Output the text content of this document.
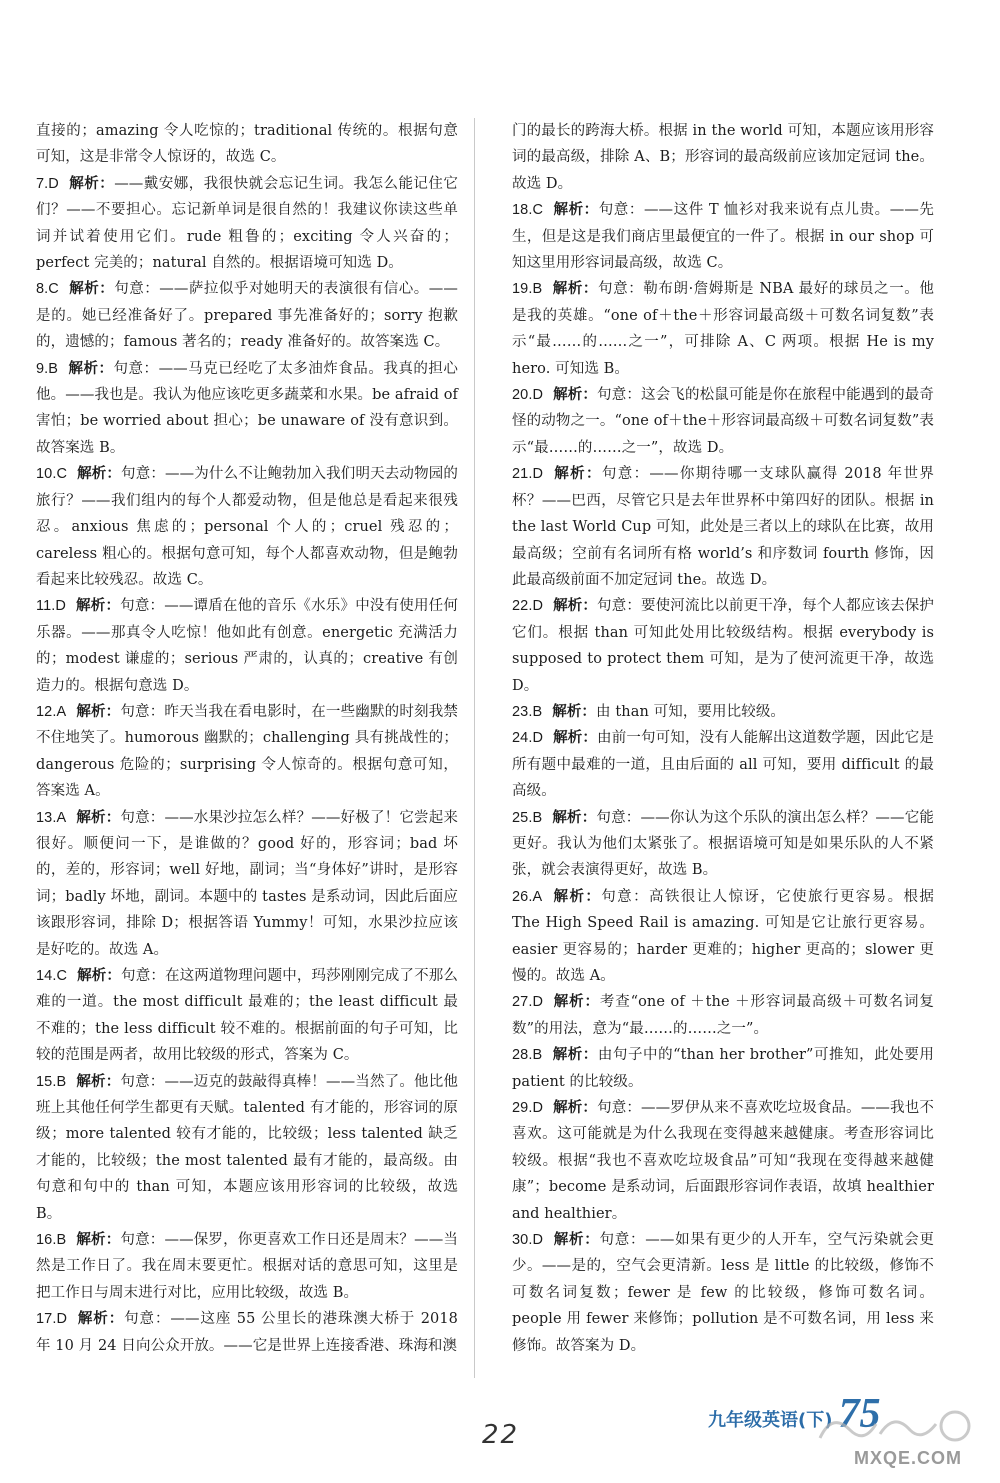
直接的；amazing 令人吃惊的；traditional 传统的。根据句意可知，这是非常令人惊讶的，故选 C。

7.D 解析：——戴安娜，我很快就会忘记生词。我怎么能记住它们？——不要担心。忘记新单词是很自然的！我建议你读这些单词并试着使用它们。rude 粗鲁的；exciting 令人兴奋的；perfect 完美的；natural 自然的。根据语境可知选 D。

8.C 解析：句意：——萨拉似乎对她明天的表演很有信心。——是的。她已经准备好了。prepared 事先准备好的；sorry 抱歉的，遗憾的；famous 著名的；ready 准备好的。故答案选 C。

9.B 解析：句意：——马克已经吃了太多油炸食品。我真的担心他。——我也是。我认为他应该吃更多蔬菜和水果。be afraid of 害怕；be worried about 担心；be unaware of 没有意识到。故答案选 B。

10.C 解析：句意：——为什么不让鲍勃加入我们明天去动物园的旅行？——我们组内的每个人都爱动物，但是他总是看起来很残忍。anxious 焦虑的；personal 个人的；cruel 残忍的；careless 粗心的。根据句意可知，每个人都喜欢动物，但是鲍勃看起来比较残忍。故选 C。

11.D 解析：句意：——谭盾在他的音乐《水乐》中没有使用任何乐器。——那真令人吃惊！他如此有创意。energetic 充满活力的；modest 谦虚的；serious 严肃的，认真的；creative 有创造力的。根据句意选 D。

12.A 解析：句意：昨天当我在看电影时，在一些幽默的时刻我禁不住地笑了。humorous 幽默的；challenging 具有挑战性的；dangerous 危险的；surprising 令人惊奇的。根据句意可知，答案选 A。

13.A 解析：句意：——水果沙拉怎么样？——好极了！它尝起来很好。顺便问一下，是谁做的？good 好的，形容词；bad 坏的，差的，形容词；well 好地，副词；当“身体好”讲时，是形容词；badly 坏地，副词。本题中的 tastes 是系动词，因此后面应该跟形容词，排除 D；根据答语 Yummy！可知，水果沙拉应该是好吃的。故选 A。

14.C 解析：句意：在这两道物理问题中，玛莎刚刚完成了不那么难的一道。the most difficult 最难的；the least difficult 最不难的；the less difficult 较不难的。根据前面的句子可知，比较的范围是两者，故用比较级的形式，答案为 C。

15.B 解析：句意：——迈克的鼓敲得真棒！——当然了。他比他班上其他任何学生都更有天赋。talented 有才能的，形容词的原级；more talented 较有才能的，比较级；less talented 缺乏才能的，比较级；the most talented 最有才能的，最高级。由句意和句中的 than 可知，本题应该用形容词的比较级，故选 B。

16.B 解析：句意：——保罗，你更喜欢工作日还是周末？——当然是工作日了。我在周末要更忙。根据对话的意思可知，这里是把工作日与周末进行对比，应用比较级，故选 B。

17.D 解析：句意：——这座 55 公里长的港珠澳大桥于 2018 年 10 月 24 日向公众开放。——它是世界上连接香港、珠海和澳

门的最长的跨海大桥。根据 in the world 可知，本题应该用形容词的最高级，排除 A、B；形容词的最高级前应该加定冠词 the。故选 D。

18.C 解析：句意：——这件 T 恤衫对我来说有点儿贵。——先生，但是这是我们商店里最便宜的一件了。根据 in our shop 可知这里用形容词最高级，故选 C。

19.B 解析：句意：勒布朗·詹姆斯是 NBA 最好的球员之一。他是我的英雄。“one of＋the＋形容词最高级＋可数名词复数”表示“最……的……之一”，可排除 A、C 两项。根据 He is my hero. 可知选 B。

20.D 解析：句意：这会飞的松鼠可能是你在旅程中能遇到的最奇怪的动物之一。“one of＋the＋形容词最高级＋可数名词复数”表示“最……的……之一”，故选 D。

21.D 解析：句意：——你期待哪一支球队赢得 2018 年世界杯？——巴西，尽管它只是去年世界杯中第四好的团队。根据 in the last World Cup 可知，此处是三者以上的球队在比赛，故用最高级；空前有名词所有格 world’s 和序数词 fourth 修饰，因此最高级前面不加定冠词 the。故选 D。

22.D 解析：句意：要使河流比以前更干净，每个人都应该去保护它们。根据 than 可知此处用比较级结构。根据 everybody is supposed to protect them 可知，是为了使河流更干净，故选 D。

23.B 解析：由 than 可知，要用比较级。

24.D 解析：由前一句可知，没有人能解出这道数学题，因此它是所有题中最难的一道，且由后面的 all 可知，要用 difficult 的最高级。

25.B 解析：句意：——你认为这个乐队的演出怎么样？——它能更好。我认为他们太紧张了。根据语境可知是如果乐队的人不紧张，就会表演得更好，故选 B。

26.A 解析：句意：高铁很让人惊讶，它使旅行更容易。根据 The High Speed Rail is amazing. 可知是它让旅行更容易。easier 更容易的；harder 更难的；higher 更高的；slower 更慢的。故选 A。

27.D 解析：考查“one of ＋the ＋形容词最高级＋可数名词复数”的用法，意为“最……的……之一”。

28.B 解析：由句子中的“than her brother”可推知，此处要用 patient 的比较级。

29.D 解析：句意：——罗伊从来不喜欢吃垃圾食品。——我也不喜欢。这可能就是为什么我现在变得越来越健康。考查形容词比较级。根据“我也不喜欢吃垃圾食品”可知“我现在变得越来越健康”；become 是系动词，后面跟形容词作表语，故填 healthier and healthier。

30.D 解析：句意：——如果有更少的人开车，空气污染就会更少。——是的，空气会更清新。less 是 little 的比较级，修饰不可数名词复数；fewer 是 few 的比较级，修饰可数名词。people 用 fewer 来修饰；pollution 是不可数名词，用 less 来修饰。故答案为 D。

九年级英语(下) 75
22
MXQE.COM
